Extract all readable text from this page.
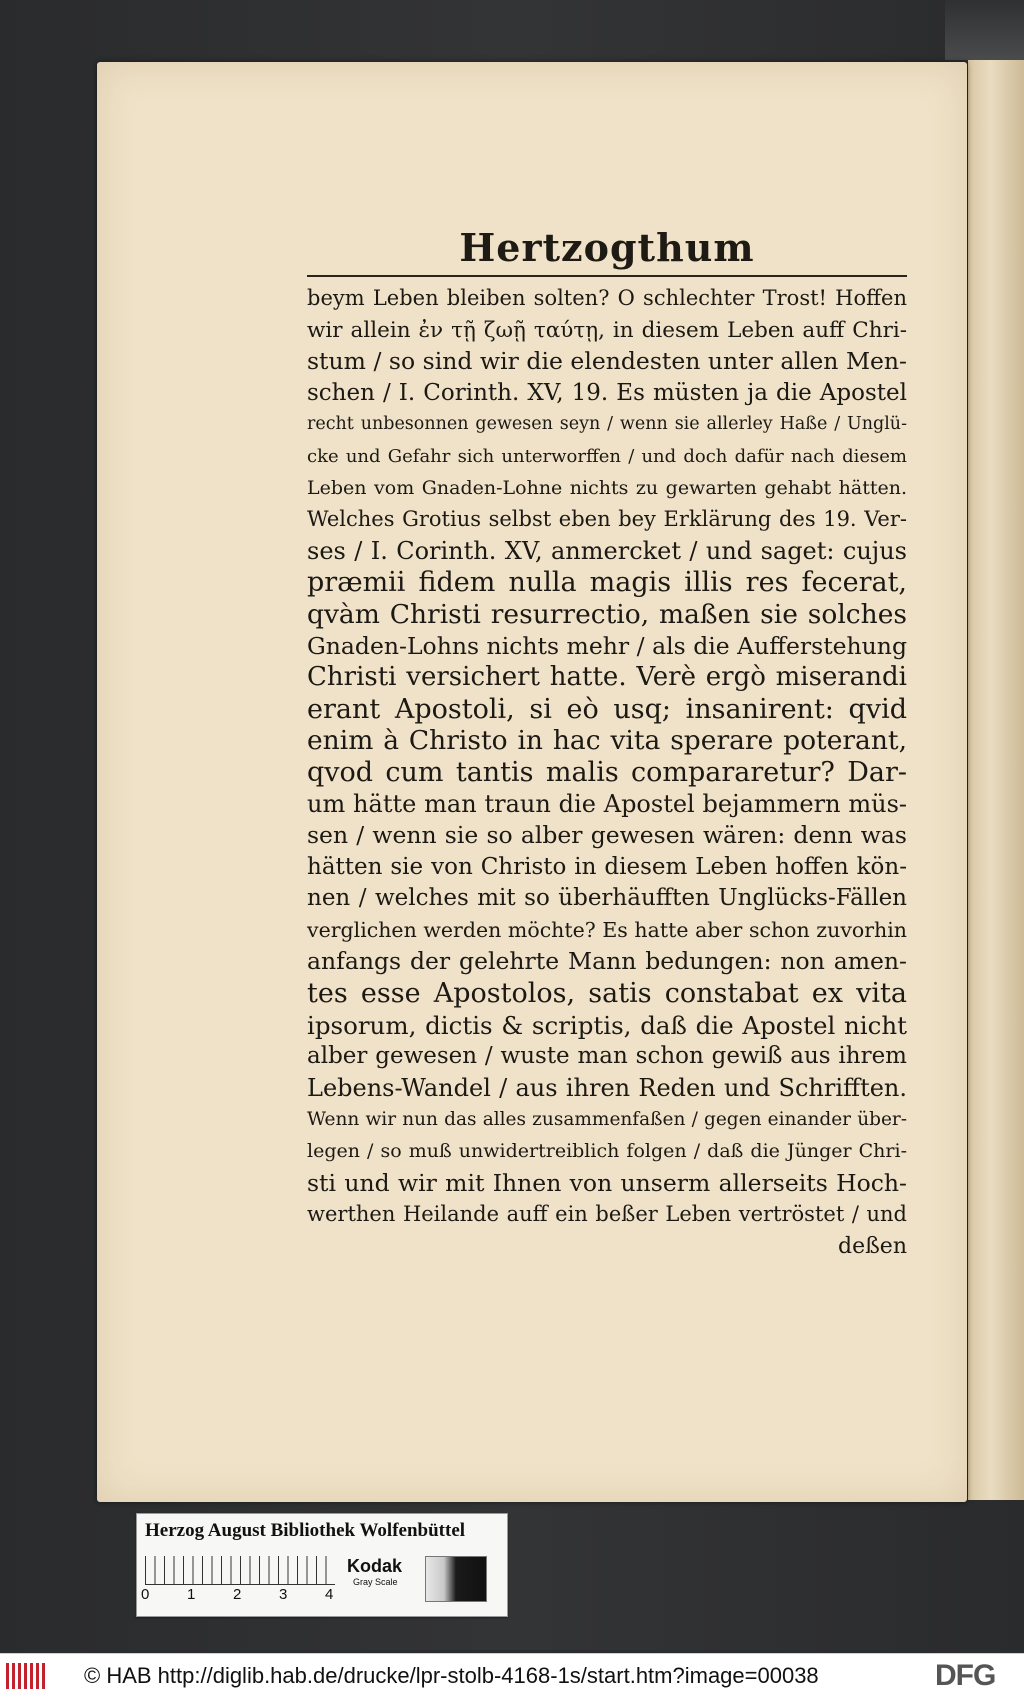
Hertzogthum
beym Leben bleiben solten? O schlechter Trost! Hoffen
wir allein ἐν τῇ ζωῇ ταύτῃ, in diesem Leben auff Chri-
stum / so sind wir die elendesten unter allen Men-
schen / I. Corinth. XV, 19. Es müsten ja die Apostel
recht unbesonnen gewesen seyn / wenn sie allerley Haße / Unglü-
cke und Gefahr sich unterworffen / und doch dafür nach diesem
Leben vom Gnaden-Lohne nichts zu gewarten gehabt hätten.
Welches Grotius selbst eben bey Erklärung des 19. Ver-
ses / I. Corinth. XV, anmercket / und saget: cujus
præmii fidem nulla magis illis res fecerat,
qvàm Christi resurrectio, maßen sie solches
Gnaden-Lohns nichts mehr / als die Aufferstehung
Christi versichert hatte. Verè ergò miserandi
erant Apostoli, si eò usq; insanirent: qvid
enim à Christo in hac vita sperare poterant,
qvod cum tantis malis compararetur? Dar-
um hätte man traun die Apostel bejammern müs-
sen / wenn sie so alber gewesen wären: denn was
hätten sie von Christo in diesem Leben hoffen kön-
nen / welches mit so überhäufften Unglücks-Fällen
verglichen werden möchte? Es hatte aber schon zuvorhin
anfangs der gelehrte Mann bedungen: non amen-
tes esse Apostolos, satis constabat ex vita
ipsorum, dictis & scriptis, daß die Apostel nicht
alber gewesen / wuste man schon gewiß aus ihrem
Lebens-Wandel / aus ihren Reden und Schrifften.
Wenn wir nun das alles zusammenfaßen / gegen einander über-
legen / so muß unwidertreiblich folgen / daß die Jünger Chri-
sti und wir mit Ihnen von unserm allerseits Hoch-
werthen Heilande auff ein beßer Leben vertröstet / und
deßen
Herzog August Bibliothek Wolfenbüttel
0	1	2	3	4
Kodak
Gray Scale
© HAB http://diglib.hab.de/drucke/lpr-stolb-4168-1s/start.htm?image=00038	DFG
